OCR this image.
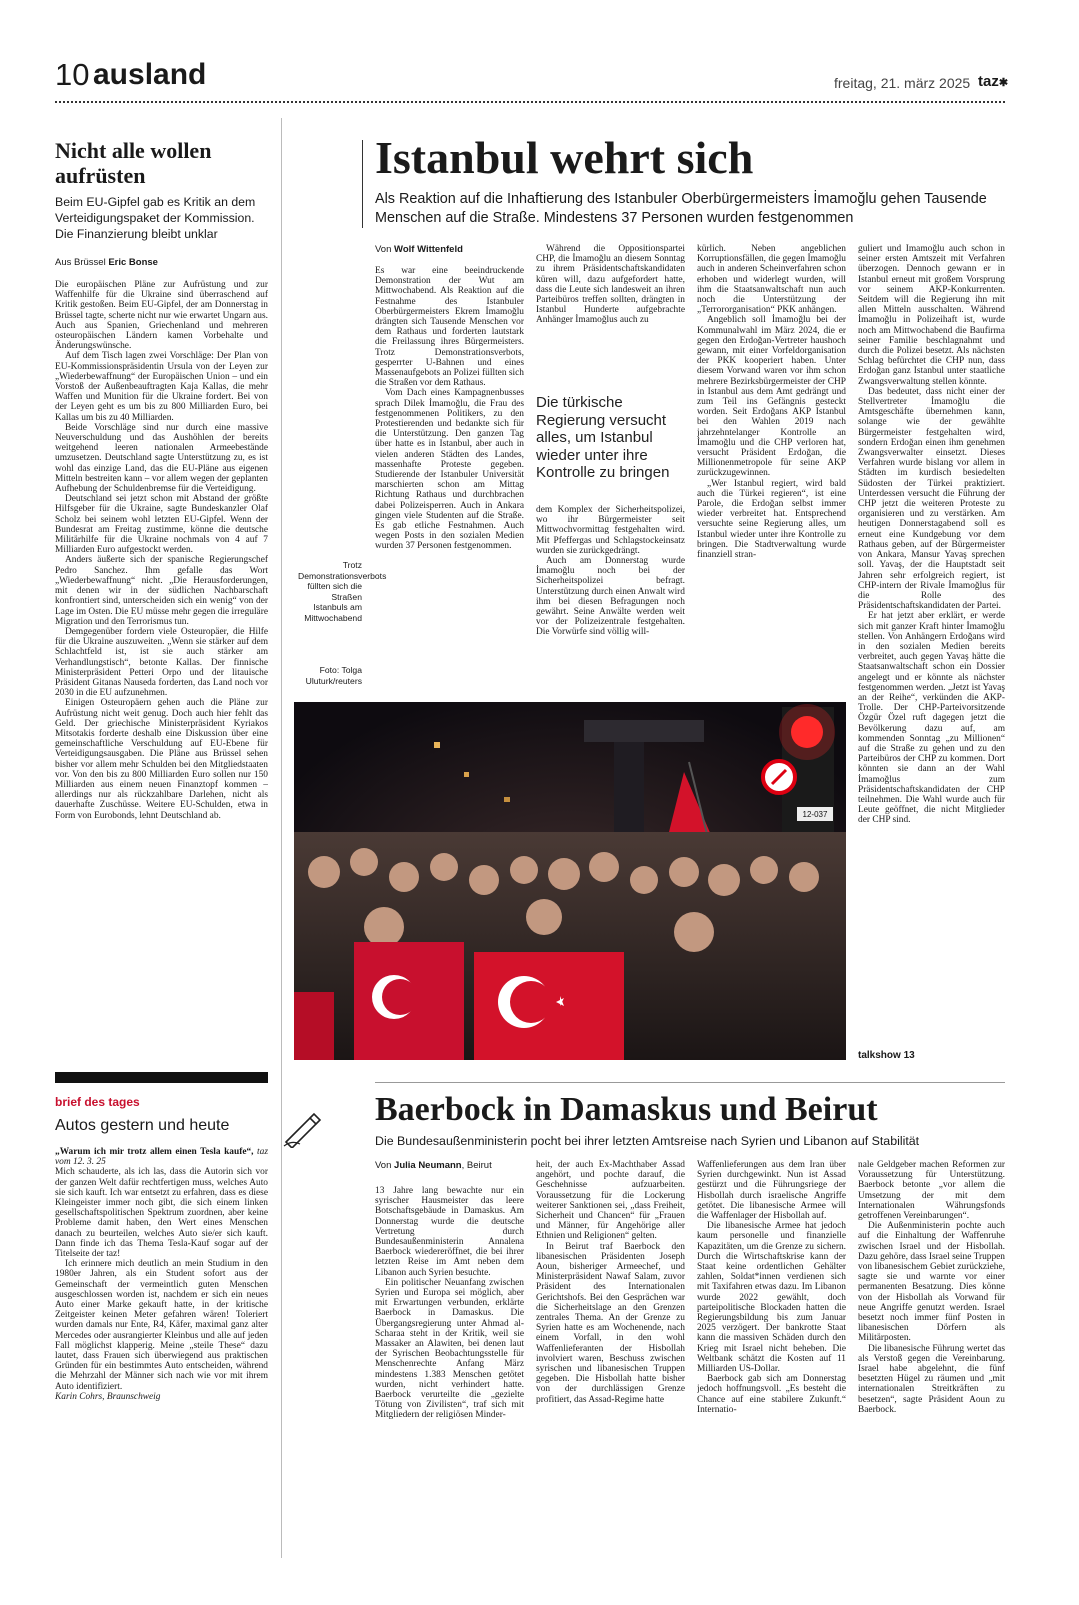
10 ausland	freitag, 21. märz 2025 taz✱
Nicht alle wollen aufrüsten
Beim EU-Gipfel gab es Kritik an dem Verteidigungspaket der Kommission. Die Finanzierung bleibt unklar
Aus Brüssel Eric Bonse

Die europäischen Pläne zur Aufrüstung und zur Waffenhilfe für die Ukraine sind überraschend auf Kritik gestoßen. Beim EU-Gipfel, der am Donnerstag in Brüssel tagte, scherte nicht nur wie erwartet Ungarn aus. Auch aus Spanien, Griechenland und mehreren osteuropäischen Ländern kamen Vorbehalte und Änderungswünsche.

Auf dem Tisch lagen zwei Vorschläge: Der Plan von EU-Kommissionspräsidentin Ursula von der Leyen zur „Wiederbewaffnung“ der Europäischen Union – und ein Vorstoß der Außenbeauftragten Kaja Kallas, die mehr Waffen und Munition für die Ukraine fordert. Bei von der Leyen geht es um bis zu 800 Milliarden Euro, bei Kallas um bis zu 40 Milliarden.

Beide Vorschläge sind nur durch eine massive Neuverschuldung und das Aushöhlen der bereits weitgehend leeren nationalen Armeebestände umzusetzen. Deutschland sagte Unterstützung zu, es ist wohl das einzige Land, das die EU-Pläne aus eigenen Mitteln bestreiten kann – vor allem wegen der geplanten Aufhebung der Schuldenbremse für die Verteidigung.

Deutschland sei jetzt schon mit Abstand der größte Hilfsgeber für die Ukraine, sagte Bundeskanzler Olaf Scholz bei seinem wohl letzten EU-Gipfel. Wenn der Bundesrat am Freitag zustimme, könne die deutsche Militärhilfe für die Ukraine nochmals von 4 auf 7 Milliarden Euro aufgestockt werden.

Anders äußerte sich der spanische Regierungschef Pedro Sanchez. Ihm gefalle das Wort „Wiederbewaffnung“ nicht. „Die Herausforderungen, mit denen wir in der südlichen Nachbarschaft konfrontiert sind, unterscheiden sich ein wenig“ von der Lage im Osten. Die EU müsse mehr gegen die irreguläre Migration und den Terrorismus tun.

Demgegenüber fordern viele Osteuropäer, die Hilfe für die Ukraine auszuweiten. „Wenn sie stärker auf dem Schlachtfeld ist, ist sie auch stärker am Verhandlungstisch“, betonte Kallas. Der finnische Ministerpräsident Petteri Orpo und der litauische Präsident Gitanas Nauseda forderten, das Land noch vor 2030 in die EU aufzunehmen.

Einigen Osteuropäern gehen auch die Pläne zur Aufrüstung nicht weit genug. Doch auch hier fehlt das Geld. Der griechische Ministerpräsident Kyriakos Mitsotakis forderte deshalb eine Diskussion über eine gemeinschaftliche Verschuldung auf EU-Ebene für Verteidigungsausgaben. Die Pläne aus Brüssel sehen bisher vor allem mehr Schulden bei den Mitgliedstaaten vor. Von den bis zu 800 Milliarden Euro sollen nur 150 Milliarden aus einem neuen Finanztopf kommen – allerdings nur als rückzahlbare Darlehen, nicht als dauerhafte Zuschüsse. Weitere EU-Schulden, etwa in Form von Eurobonds, lehnt Deutschland ab.

brief des tages
Autos gestern und heute

„Warum ich mir trotz allem einen Tesla kaufe“, taz vom 12. 3. 25

Mich schauderte, als ich las, dass die Autorin sich vor der ganzen Welt dafür rechtfertigen muss, welches Auto sie sich kauft. Ich war entsetzt zu erfahren, dass es diese Kleingeister immer noch gibt, die sich einem linken gesellschaftspolitischen Spektrum zuordnen, aber keine Probleme damit haben, den Wert eines Menschen danach zu beurteilen, welches Auto sie/er sich kauft. Dann finde ich das Thema Tesla-Kauf sogar auf der Titelseite der taz!

Ich erinnere mich deutlich an mein Studium in den 1980er Jahren, als ein Student sofort aus der Gemeinschaft der vermeintlich guten Menschen ausgeschlossen worden ist, nachdem er sich ein neues Auto einer Marke gekauft hatte, in der kritische Zeitgeister keinen Meter gefahren wären! Toleriert wurden damals nur Ente, R4, Käfer, maximal ganz alter Mercedes oder ausrangierter Kleinbus und alle auf jeden Fall möglichst klapperig. Meine „steile These“ dazu lautet, dass Frauen sich überwiegend aus praktischen Gründen für ein bestimmtes Auto entscheiden, während die Mehrzahl der Männer sich nach wie vor mit ihrem Auto identifiziert.

Karin Cohrs, Braunschweig

Istanbul wehrt sich
Als Reaktion auf die Inhaftierung des Istanbuler Oberbürgermeisters İmamoğlu gehen Tausende Menschen auf die Straße. Mindestens 37 Personen wurden festgenommen
Von Wolf Wittenfeld

Es war eine beeindruckende Demonstration der Wut am Mittwochabend. Als Reaktion auf die Festnahme des Istanbuler Oberbürgermeisters Ekrem İmamoğlu drängten sich Tausende Menschen vor dem Rathaus und forderten lautstark die Freilassung ihres Bürgermeisters. Trotz Demonstrationsverbots, gesperrter U-Bahnen und eines Massenaufgebots an Polizei füllten sich die Straßen vor dem Rathaus.

Vom Dach eines Kampagnenbusses sprach Dilek İmamoğlu, die Frau des festgenommenen Politikers, zu den Protestierenden und bedankte sich für die Unterstützung. Den ganzen Tag über hatte es in Istanbul, aber auch in vielen anderen Städten des Landes, massenhafte Proteste gegeben. Studierende der Istanbuler Universität marschierten schon am Mittag Richtung Rathaus und durchbrachen dabei Polizeisperren. Auch in Ankara gingen viele Studenten auf die Straße. Es gab etliche Festnahmen. Auch wegen Posts in den sozialen Medien wurden 37 Personen festgenommen.

Während die Oppositionspartei CHP, die İmamoğlu an diesem Sonntag zu ihrem Präsidentschaftskandidaten küren will, dazu aufgefordert hatte, dass die Leute sich landesweit an ihren Parteibüros treffen sollten, drängten in Istanbul Hunderte aufgebrachte Anhänger İmamoğlus auch zu

Die türkische Regierung versucht alles, um Istanbul wieder unter ihre Kontrolle zu bringen

dem Komplex der Sicherheitspolizei, wo ihr Bürgermeister seit Mittwochvormittag festgehalten wird. Mit Pfeffergas und Schlagstockeinsatz wurden sie zurückgedrängt.

Auch am Donnerstag wurde İmamoğlu noch bei der Sicherheitspolizei befragt. Unterstützung durch einen Anwalt wird ihm bei diesen Befragungen noch gewährt. Seine Anwälte werden weit vor der Polizeizentrale festgehalten. Die Vorwürfe sind völlig will-

kürlich. Neben angeblichen Korruptionsfällen, die gegen İmamoğlu auch in anderen Scheinverfahren schon erhoben und widerlegt wurden, will ihm die Staatsanwaltschaft nun auch noch die Unterstützung der „Terrororganisation“ PKK anhängen.

Angeblich soll İmamoğlu bei der Kommunalwahl im März 2024, die er gegen den Erdoğan-Vertreter haushoch gewann, mit einer Vorfeldorganisation der PKK kooperiert haben. Unter diesem Vorwand waren vor ihm schon mehrere Bezirksbürgermeister der CHP in Istanbul aus dem Amt gedrängt und zum Teil ins Gefängnis gesteckt worden. Seit Erdoğans AKP Istanbul bei den Wahlen 2019 nach jahrzehntelanger Kontrolle an İmamoğlu und die CHP verloren hat, versucht Präsident Erdoğan, die Millionenmetropole für seine AKP zurückzugewinnen.

„Wer Istanbul regiert, wird bald auch die Türkei regieren“, ist eine Parole, die Erdoğan selbst immer wieder verbreitet hat. Entsprechend versuchte seine Regierung alles, um Istanbul wieder unter ihre Kontrolle zu bringen. Die Stadtverwaltung wurde finanziell stran-

guliert und İmamoğlu auch schon in seiner ersten Amtszeit mit Verfahren überzogen. Dennoch gewann er in Istanbul erneut mit großem Vorsprung vor seinem AKP-Konkurrenten. Seitdem will die Regierung ihn mit allen Mitteln ausschalten. Während İmamoğlu in Polizeihaft ist, wurde noch am Mittwochabend die Baufirma seiner Familie beschlagnahmt und durch die Polizei besetzt. Als nächsten Schlag befürchtet die CHP nun, dass Erdoğan ganz Istanbul unter staatliche Zwangsverwaltung stellen könnte.

Das bedeutet, dass nicht einer der Stellvertreter İmamoğlu die Amtsgeschäfte übernehmen kann, solange wie der gewählte Bürgermeister festgehalten wird, sondern Erdoğan einen ihm genehmen Zwangsverwalter einsetzt. Dieses Verfahren wurde bislang vor allem in Städten im kurdisch besiedelten Südosten der Türkei praktiziert. Unterdessen versucht die Führung der CHP jetzt die weiteren Proteste zu organisieren und zu verstärken. Am heutigen Donnerstagabend soll es erneut eine Kundgebung vor dem Rathaus geben, auf der Bürgermeister von Ankara, Mansur Yavaş sprechen soll. Yavaş, der die Hauptstadt seit Jahren sehr erfolgreich regiert, ist CHP-intern der Rivale İmamoğlus für die Rolle des Präsidentschaftskandidaten der Partei.

Er hat jetzt aber erklärt, er werde sich mit ganzer Kraft hinter İmamoğlu stellen. Von Anhängern Erdoğans wird in den sozialen Medien bereits verbreitet, auch gegen Yavaş hätte die Staatsanwaltschaft schon ein Dossier angelegt und er könnte als nächster festgenommen werden. „Jetzt ist Yavaş an der Reihe“, verkünden die AKP-Trolle. Der CHP-Parteivorsitzende Özgür Özel ruft dagegen jetzt die Bevölkerung dazu auf, am kommenden Sonntag „zu Millionen“ auf die Straße zu gehen und zu den Parteibüros der CHP zu kommen. Dort könnten sie dann an der Wahl İmamoğlus zum Präsidentschaftskandidaten der CHP teilnehmen. Die Wahl wurde auch für Leute geöffnet, die nicht Mitglieder der CHP sind.

talkshow 13
Trotz Demonstrationsverbots füllten sich die Straßen Istanbuls am Mittwochabend
Foto: Tolga Uluturk/reuters
12-037
Baerbock in Damaskus und Beirut
Die Bundesaußenministerin pocht bei ihrer letzten Amtsreise nach Syrien und Libanon auf Stabilität
Von Julia Neumann, Beirut

13 Jahre lang bewachte nur ein syrischer Hausmeister das leere Botschaftsgebäude in Damaskus. Am Donnerstag wurde die deutsche Vertretung durch Bundesaußenministerin Annalena Baerbock wiedereröffnet, die bei ihrer letzten Reise im Amt neben dem Libanon auch Syrien besuchte.

Ein politischer Neuanfang zwischen Syrien und Europa sei möglich, aber mit Erwartungen verbunden, erklärte Baerbock in Damaskus. Die Übergangsregierung unter Ahmad al-Scharaa steht in der Kritik, weil sie Massaker an Alawiten, bei denen laut der Syrischen Beobachtungsstelle für Menschenrechte Anfang März mindestens 1.383 Menschen getötet wurden, nicht verhindert hatte. Baerbock verurteilte die „gezielte Tötung von Zivilisten“, traf sich mit Mitgliedern der religiösen Minder-

heit, der auch Ex-Machthaber Assad angehört, und pochte darauf, die Geschehnisse aufzuarbeiten. Voraussetzung für die Lockerung weiterer Sanktionen sei, „dass Freiheit, Sicherheit und Chancen“ für „Frauen und Männer, für Angehörige aller Ethnien und Religionen“ gelten.

In Beirut traf Baerbock den libanesischen Präsidenten Joseph Aoun, bisheriger Armeechef, und Ministerpräsident Nawaf Salam, zuvor Präsident des Internationalen Gerichtshofs. Bei den Gesprächen war die Sicherheitslage an den Grenzen zentrales Thema. An der Grenze zu Syrien hatte es am Wochenende, nach einem Vorfall, in den wohl Waffenlieferanten der Hisbollah involviert waren, Beschuss zwischen syrischen und libanesischen Truppen gegeben. Die Hisbollah hatte bisher von der durchlässigen Grenze profitiert, das Assad-Regime hatte

Waffenlieferungen aus dem Iran über Syrien durchgewinkt. Nun ist Assad gestürzt und die Führungsriege der Hisbollah durch israelische Angriffe getötet. Die libanesische Armee will die Waffenlager der Hisbollah auf.

Die libanesische Armee hat jedoch kaum personelle und finanzielle Kapazitäten, um die Grenze zu sichern. Durch die Wirtschaftskrise kann der Staat keine ordentlichen Gehälter zahlen, Soldat*innen verdienen sich mit Taxifahren etwas dazu. Im Libanon wurde 2022 gewählt, doch parteipolitische Blockaden hatten die Regierungsbildung bis zum Januar 2025 verzögert. Der bankrotte Staat kann die massiven Schäden durch den Krieg mit Israel nicht beheben. Die Weltbank schätzt die Kosten auf 11 Milliarden US-Dollar.

Baerbock gab sich am Donnerstag jedoch hoffnungsvoll. „Es besteht die Chance auf eine stabilere Zukunft.“ Internatio-

nale Geldgeber machen Reformen zur Voraussetzung für Unterstützung. Baerbock betonte „vor allem die Umsetzung der mit dem Internationalen Währungsfonds getroffenen Vereinbarungen“.

Die Außenministerin pochte auch auf die Einhaltung der Waffenruhe zwischen Israel und der Hisbollah. Dazu gehöre, dass Israel seine Truppen von libanesischem Gebiet zurückziehe, sagte sie und warnte vor einer permanenten Besatzung. Dies könne von der Hisbollah als Vorwand für neue Angriffe genutzt werden. Israel besetzt noch immer fünf Posten in libanesischen Dörfern als Militärposten.

Die libanesische Führung wertet das als Verstoß gegen die Vereinbarung. Israel habe abgelehnt, die fünf besetzten Hügel zu räumen und „mit internationalen Streitkräften zu besetzen“, sagte Präsident Aoun zu Baerbock.
